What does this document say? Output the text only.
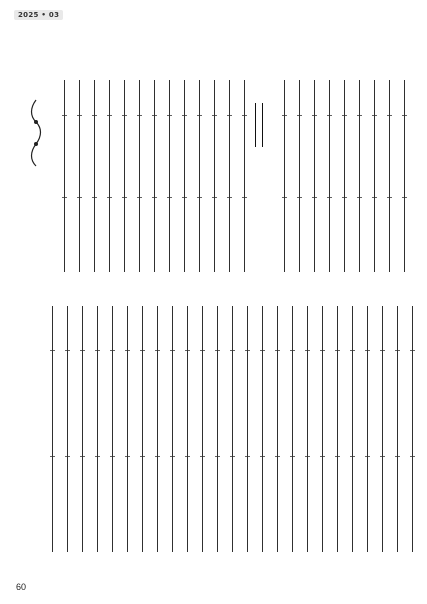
2025 • 03
60
